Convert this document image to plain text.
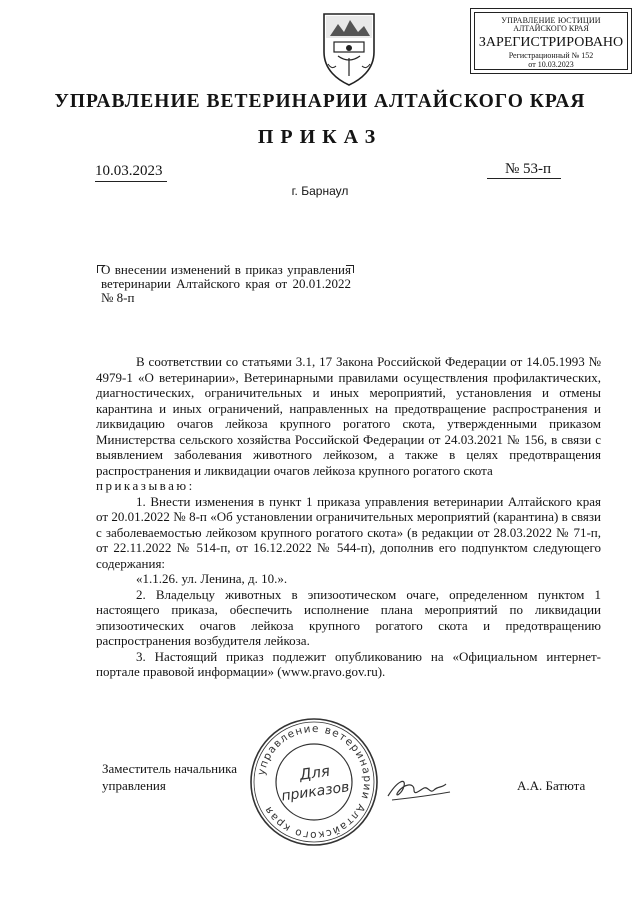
УПРАВЛЕНИЕ ЮСТИЦИИ
АЛТАЙСКОГО КРАЯ
ЗАРЕГИСТРИРОВАНО
Регистрационный № 152
от 10.03.2023
УПРАВЛЕНИЕ ВЕТЕРИНАРИИ АЛТАЙСКОГО КРАЯ
ПРИКАЗ
10.03.2023	№ 53-п
г. Барнаул
О внесении изменений в приказ управления ветеринарии Алтайского края от 20.01.2022 № 8-п

В соответствии со статьями 3.1, 17 Закона Российской Федерации от 14.05.1993 № 4979-1 «О ветеринарии», Ветеринарными правилами осуществления профилактических, диагностических, ограничительных и иных мероприятий, установления и отмены карантина и иных ограничений, направленных на предотвращение распространения и ликвидацию очагов лейкоза крупного рогатого скота, утвержденными приказом Министерства сельского хозяйства Российской Федерации от 24.03.2021 № 156, в связи с выявлением заболевания животного лейкозом, а также в целях предотвращения распространения и ликвидации очагов лейкоза крупного рогатого скота

приказываю:

1. Внести изменения в пункт 1 приказа управления ветеринарии Алтайского края от 20.01.2022 № 8-п «Об установлении ограничительных мероприятий (карантина) в связи с заболеваемостью лейкозом крупного рогатого скота» (в редакции от 28.03.2022 № 71-п, от 22.11.2022 № 514-п, от 16.12.2022 № 544-п), дополнив его подпунктом следующего содержания:

«1.1.26. ул. Ленина, д. 10.».

2. Владельцу животных в эпизоотическом очаге, определенном пунктом 1 настоящего приказа, обеспечить исполнение плана мероприятий по ликвидации эпизоотических очагов лейкоза крупного рогатого скота и предотвращению распространения возбудителя лейкоза.

3. Настоящий приказ подлежит опубликованию на «Официальном интернет-портале правовой информации» (www.pravo.gov.ru).

Заместитель начальника
управления
управление ветеринарии Алтайского края
Для
приказов	А.А. Батюта
